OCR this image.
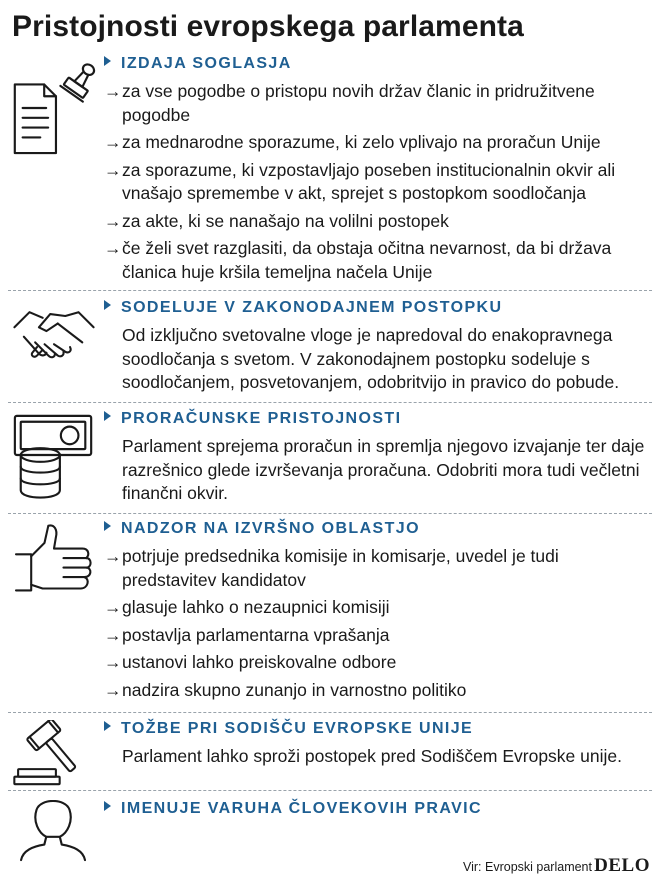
Pristojnosti evropskega parlamenta
IZDAJA SOGLASJA
→ za vse pogodbe o pristopu novih držav članic in pridružitvene pogodbe
→ za mednarodne sporazume, ki zelo vplivajo na proračun Unije
→ za sporazume, ki vzpostavljajo poseben institucionalnin okvir ali vnašajo spremembe v akt, sprejet s postopkom soodločanja
→ za akte, ki se nanašajo na volilni postopek
→ če želi svet razglasiti, da obstaja očitna nevarnost, da bi država članica huje kršila temeljna načela Unije
SODELUJE V ZAKONODAJNEM POSTOPKU
Od izključno svetovalne vloge je napredoval do enakopravnega soodločanja s svetom. V zakonodajnem postopku sodeluje s soodločanjem, posvetovanjem, odobritvijo in pravico do pobude.
PRORAČUNSKE PRISTOJNOSTI
Parlament sprejema proračun in spremlja njegovo izvajanje ter daje razrešnico glede izvrševanja proračuna. Odobriti mora tudi večletni finančni okvir.
NADZOR NA IZVRŠNO OBLASTJO
→ potrjuje predsednika komisije in komisarje, uvedel je tudi predstavitev kandidatov
→ glasuje lahko o nezaupnici komisiji
→ postavlja parlamentarna vprašanja
→ ustanovi lahko preiskovalne odbore
→ nadzira skupno zunanjo in varnostno politiko
TOŽBE PRI SODIŠČU EVROPSKE UNIJE
Parlament lahko sproži postopek pred Sodiščem Evropske unije.
IMENUJE VARUHA ČLOVEKOVIH PRAVIC
Vir: Evropski parlament DELO
